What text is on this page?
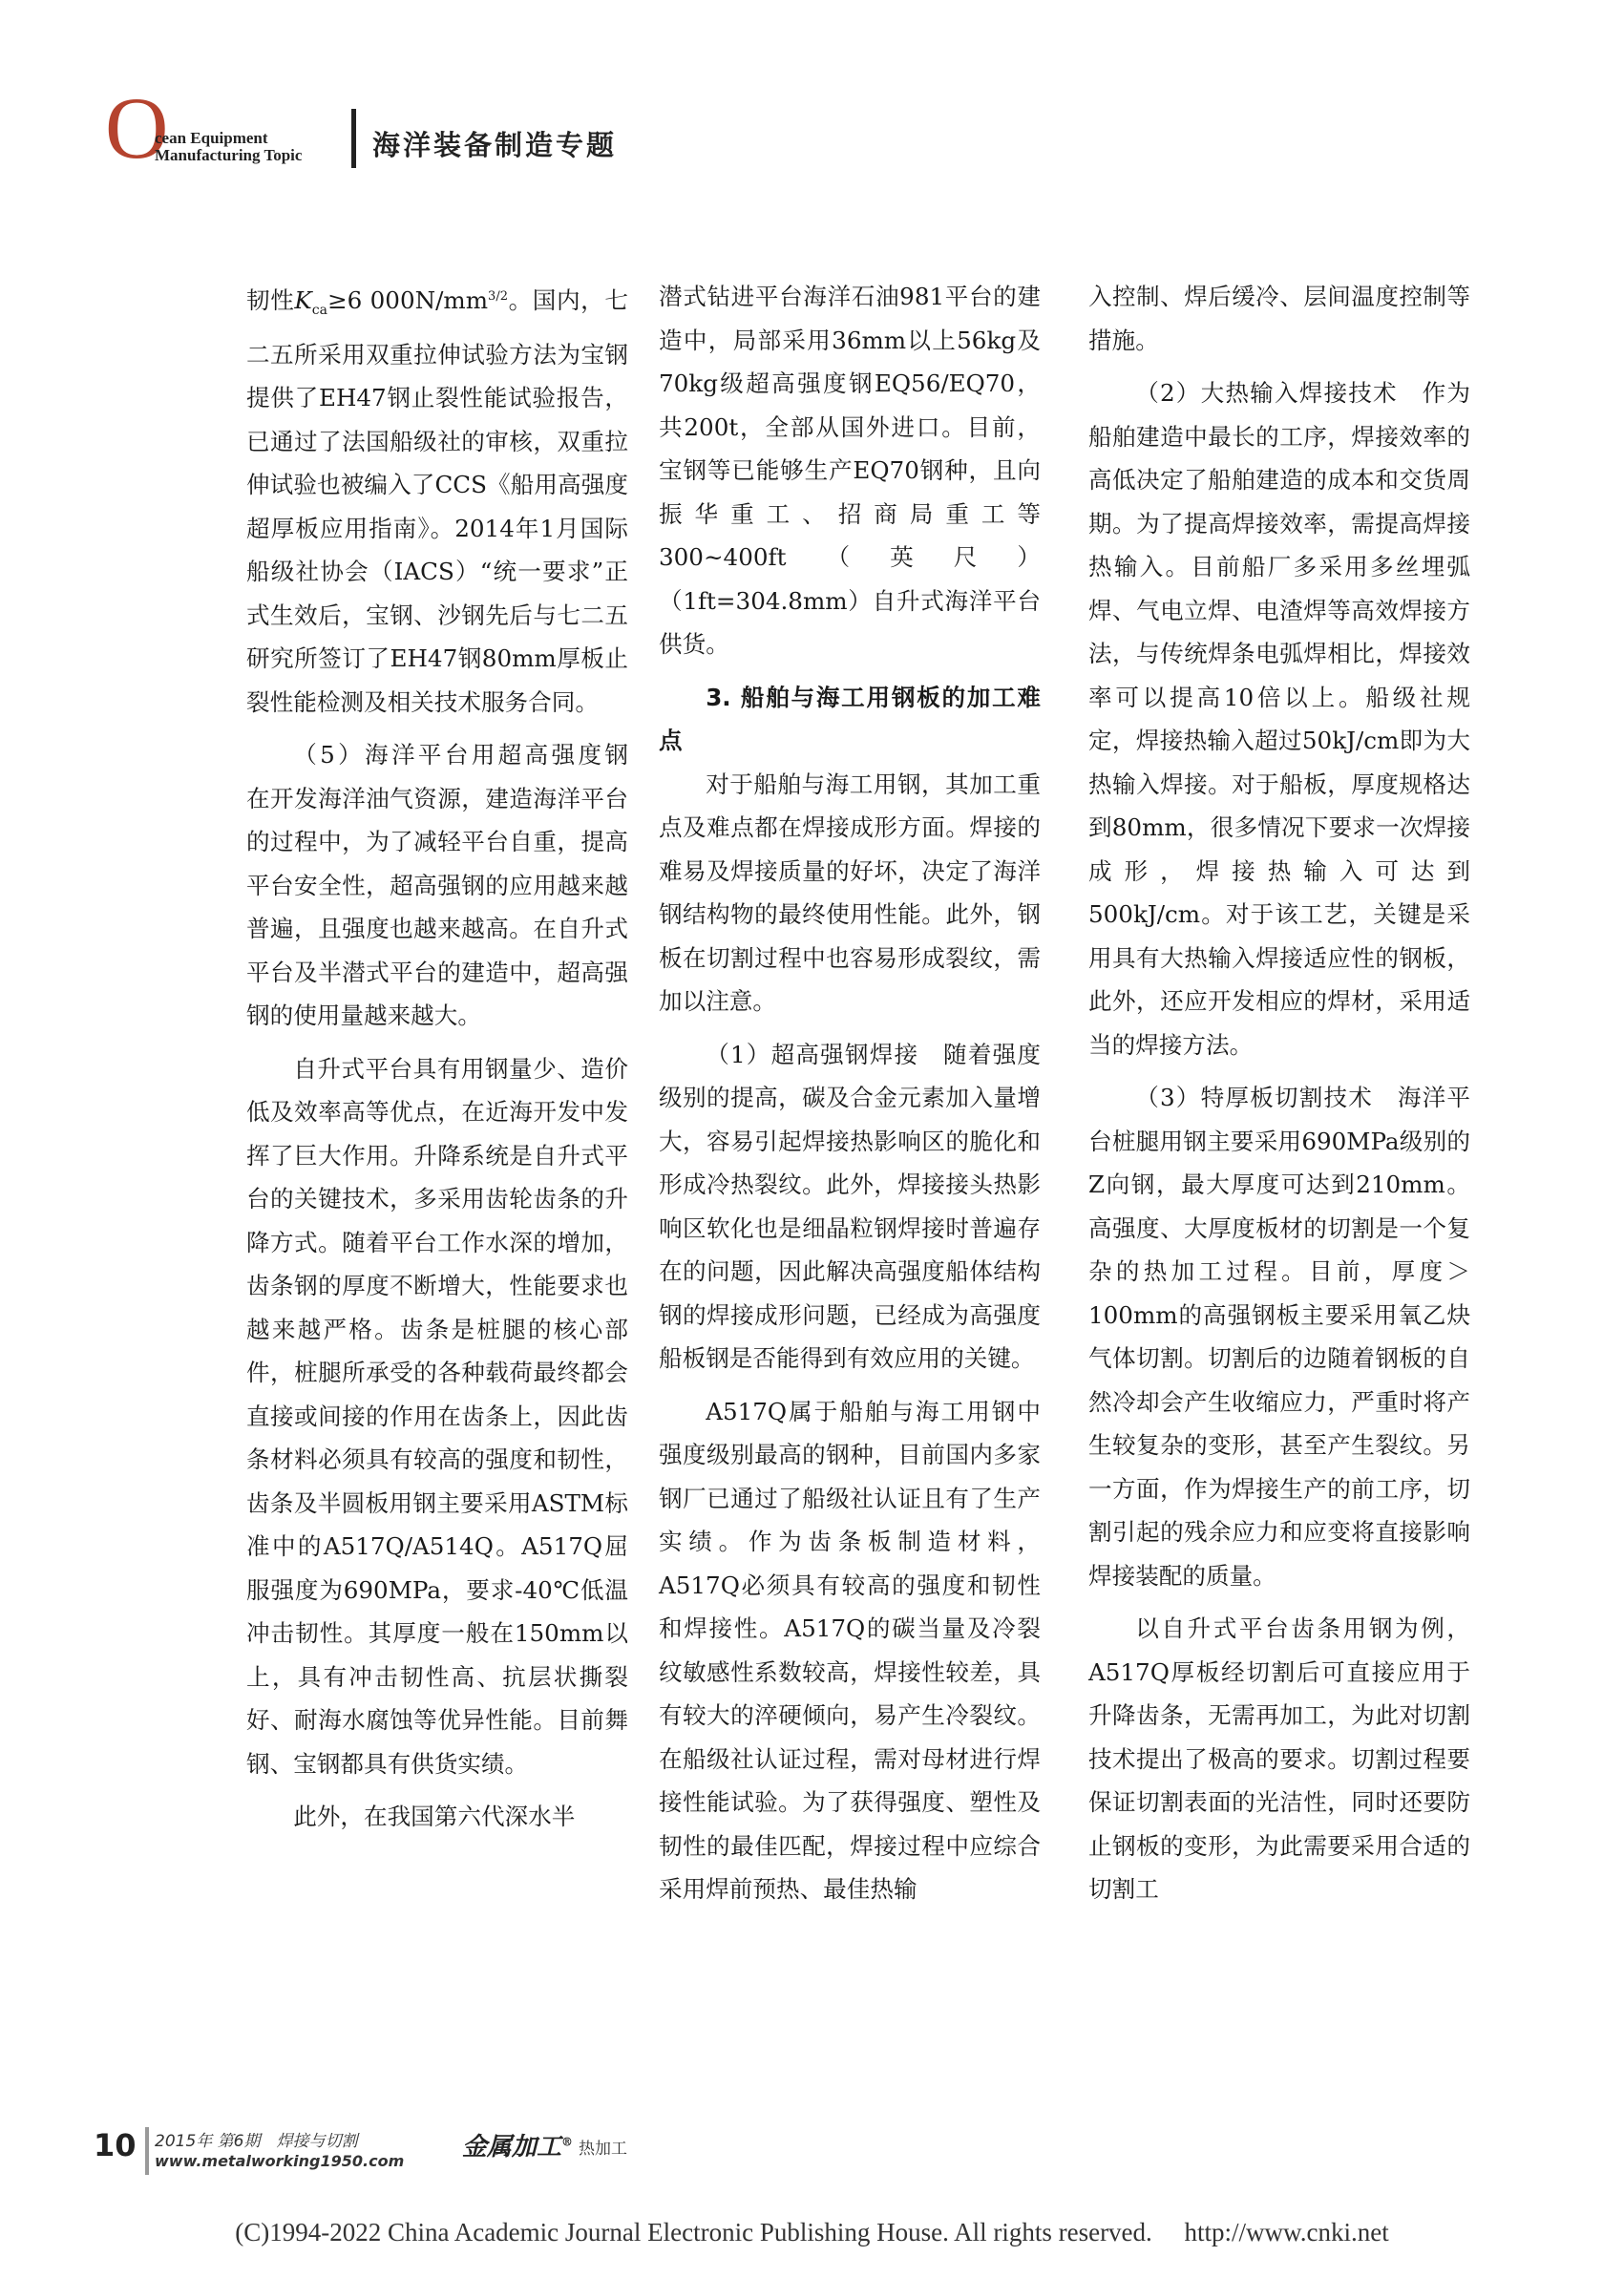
O
cean Equipment
Manufacturing Topic	海洋装备制造专题

韧性$K_{ca}\ge 6$ $000N/mm^{3/2}$。国内，七二五所采用双重拉伸试验方法为宝钢提供了EH47钢止裂性能试验报告，已通过了法国船级社的审核，双重拉伸试验也被编入了CCS《船用高强度超厚板应用指南》。2014年1月国际船级社协会（IACS）“统一要求”正式生效后，宝钢、沙钢先后与七二五研究所签订了EH47钢80mm厚板止裂性能检测及相关技术服务合同。

（5）海洋平台用超高强度钢　在开发海洋油气资源，建造海洋平台的过程中，为了减轻平台自重，提高平台安全性，超高强钢的应用越来越普遍，且强度也越来越高。在自升式平台及半潜式平台的建造中，超高强钢的使用量越来越大。

自升式平台具有用钢量少、造价低及效率高等优点，在近海开发中发挥了巨大作用。升降系统是自升式平台的关键技术，多采用齿轮齿条的升降方式。随着平台工作水深的增加，齿条钢的厚度不断增大，性能要求也越来越严格。齿条是桩腿的核心部件，桩腿所承受的各种载荷最终都会直接或间接的作用在齿条上，因此齿条材料必须具有较高的强度和韧性，齿条及半圆板用钢主要采用ASTM标准中的A517Q/A514Q。A517Q屈服强度为690MPa，要求-40℃低温冲击韧性。其厚度一般在150mm以上，具有冲击韧性高、抗层状撕裂好、耐海水腐蚀等优异性能。目前舞钢、宝钢都具有供货实绩。

此外，在我国第六代深水半

潜式钻进平台海洋石油981平台的建造中，局部采用36mm以上56kg及70kg级超高强度钢EQ56/EQ70，共200t，全部从国外进口。目前，宝钢等已能够生产EQ70钢种，且向振华重工、招商局重工等300~400ft（英尺）（1ft=304.8mm）自升式海洋平台供货。

3. 船舶与海工用钢板的加工难点

对于船舶与海工用钢，其加工重点及难点都在焊接成形方面。焊接的难易及焊接质量的好坏，决定了海洋钢结构物的最终使用性能。此外，钢板在切割过程中也容易形成裂纹，需加以注意。

（1）超高强钢焊接　随着强度级别的提高，碳及合金元素加入量增大，容易引起焊接热影响区的脆化和形成冷热裂纹。此外，焊接接头热影响区软化也是细晶粒钢焊接时普遍存在的问题，因此解决高强度船体结构钢的焊接成形问题，已经成为高强度船板钢是否能得到有效应用的关键。

A517Q属于船舶与海工用钢中强度级别最高的钢种，目前国内多家钢厂已通过了船级社认证且有了生产实绩。作为齿条板制造材料，A517Q必须具有较高的强度和韧性和焊接性。A517Q的碳当量及冷裂纹敏感性系数较高，焊接性较差，具有较大的淬硬倾向，易产生冷裂纹。在船级社认证过程，需对母材进行焊接性能试验。为了获得强度、塑性及韧性的最佳匹配，焊接过程中应综合采用焊前预热、最佳热输

入控制、焊后缓冷、层间温度控制等措施。

（2）大热输入焊接技术　作为船舶建造中最长的工序，焊接效率的高低决定了船舶建造的成本和交货周期。为了提高焊接效率，需提高焊接热输入。目前船厂多采用多丝埋弧焊、气电立焊、电渣焊等高效焊接方法，与传统焊条电弧焊相比，焊接效率可以提高10倍以上。船级社规定，焊接热输入超过50kJ/cm即为大热输入焊接。对于船板，厚度规格达到80mm，很多情况下要求一次焊接成形，焊接热输入可达到500kJ/cm。对于该工艺，关键是采用具有大热输入焊接适应性的钢板，此外，还应开发相应的焊材，采用适当的焊接方法。

（3）特厚板切割技术　海洋平台桩腿用钢主要采用690MPa级别的Z向钢，最大厚度可达到210mm。高强度、大厚度板材的切割是一个复杂的热加工过程。目前，厚度＞100mm的高强钢板主要采用氧乙炔气体切割。切割后的边随着钢板的自然冷却会产生收缩应力，严重时将产生较复杂的变形，甚至产生裂纹。另一方面，作为焊接生产的前工序，切割引起的残余应力和应变将直接影响焊接装配的质量。

以自升式平台齿条用钢为例，A517Q厚板经切割后可直接应用于升降齿条，无需再加工，为此对切割技术提出了极高的要求。切割过程要保证切割表面的光洁性，同时还要防止钢板的变形，为此需要采用合适的切割工

10 2015年 第6期　焊接与切割
www.metalworking1950.com 金属加工® 热加工
(C)1994-2022 China Academic Journal Electronic Publishing House. All rights reserved.　 http://www.cnki.net
